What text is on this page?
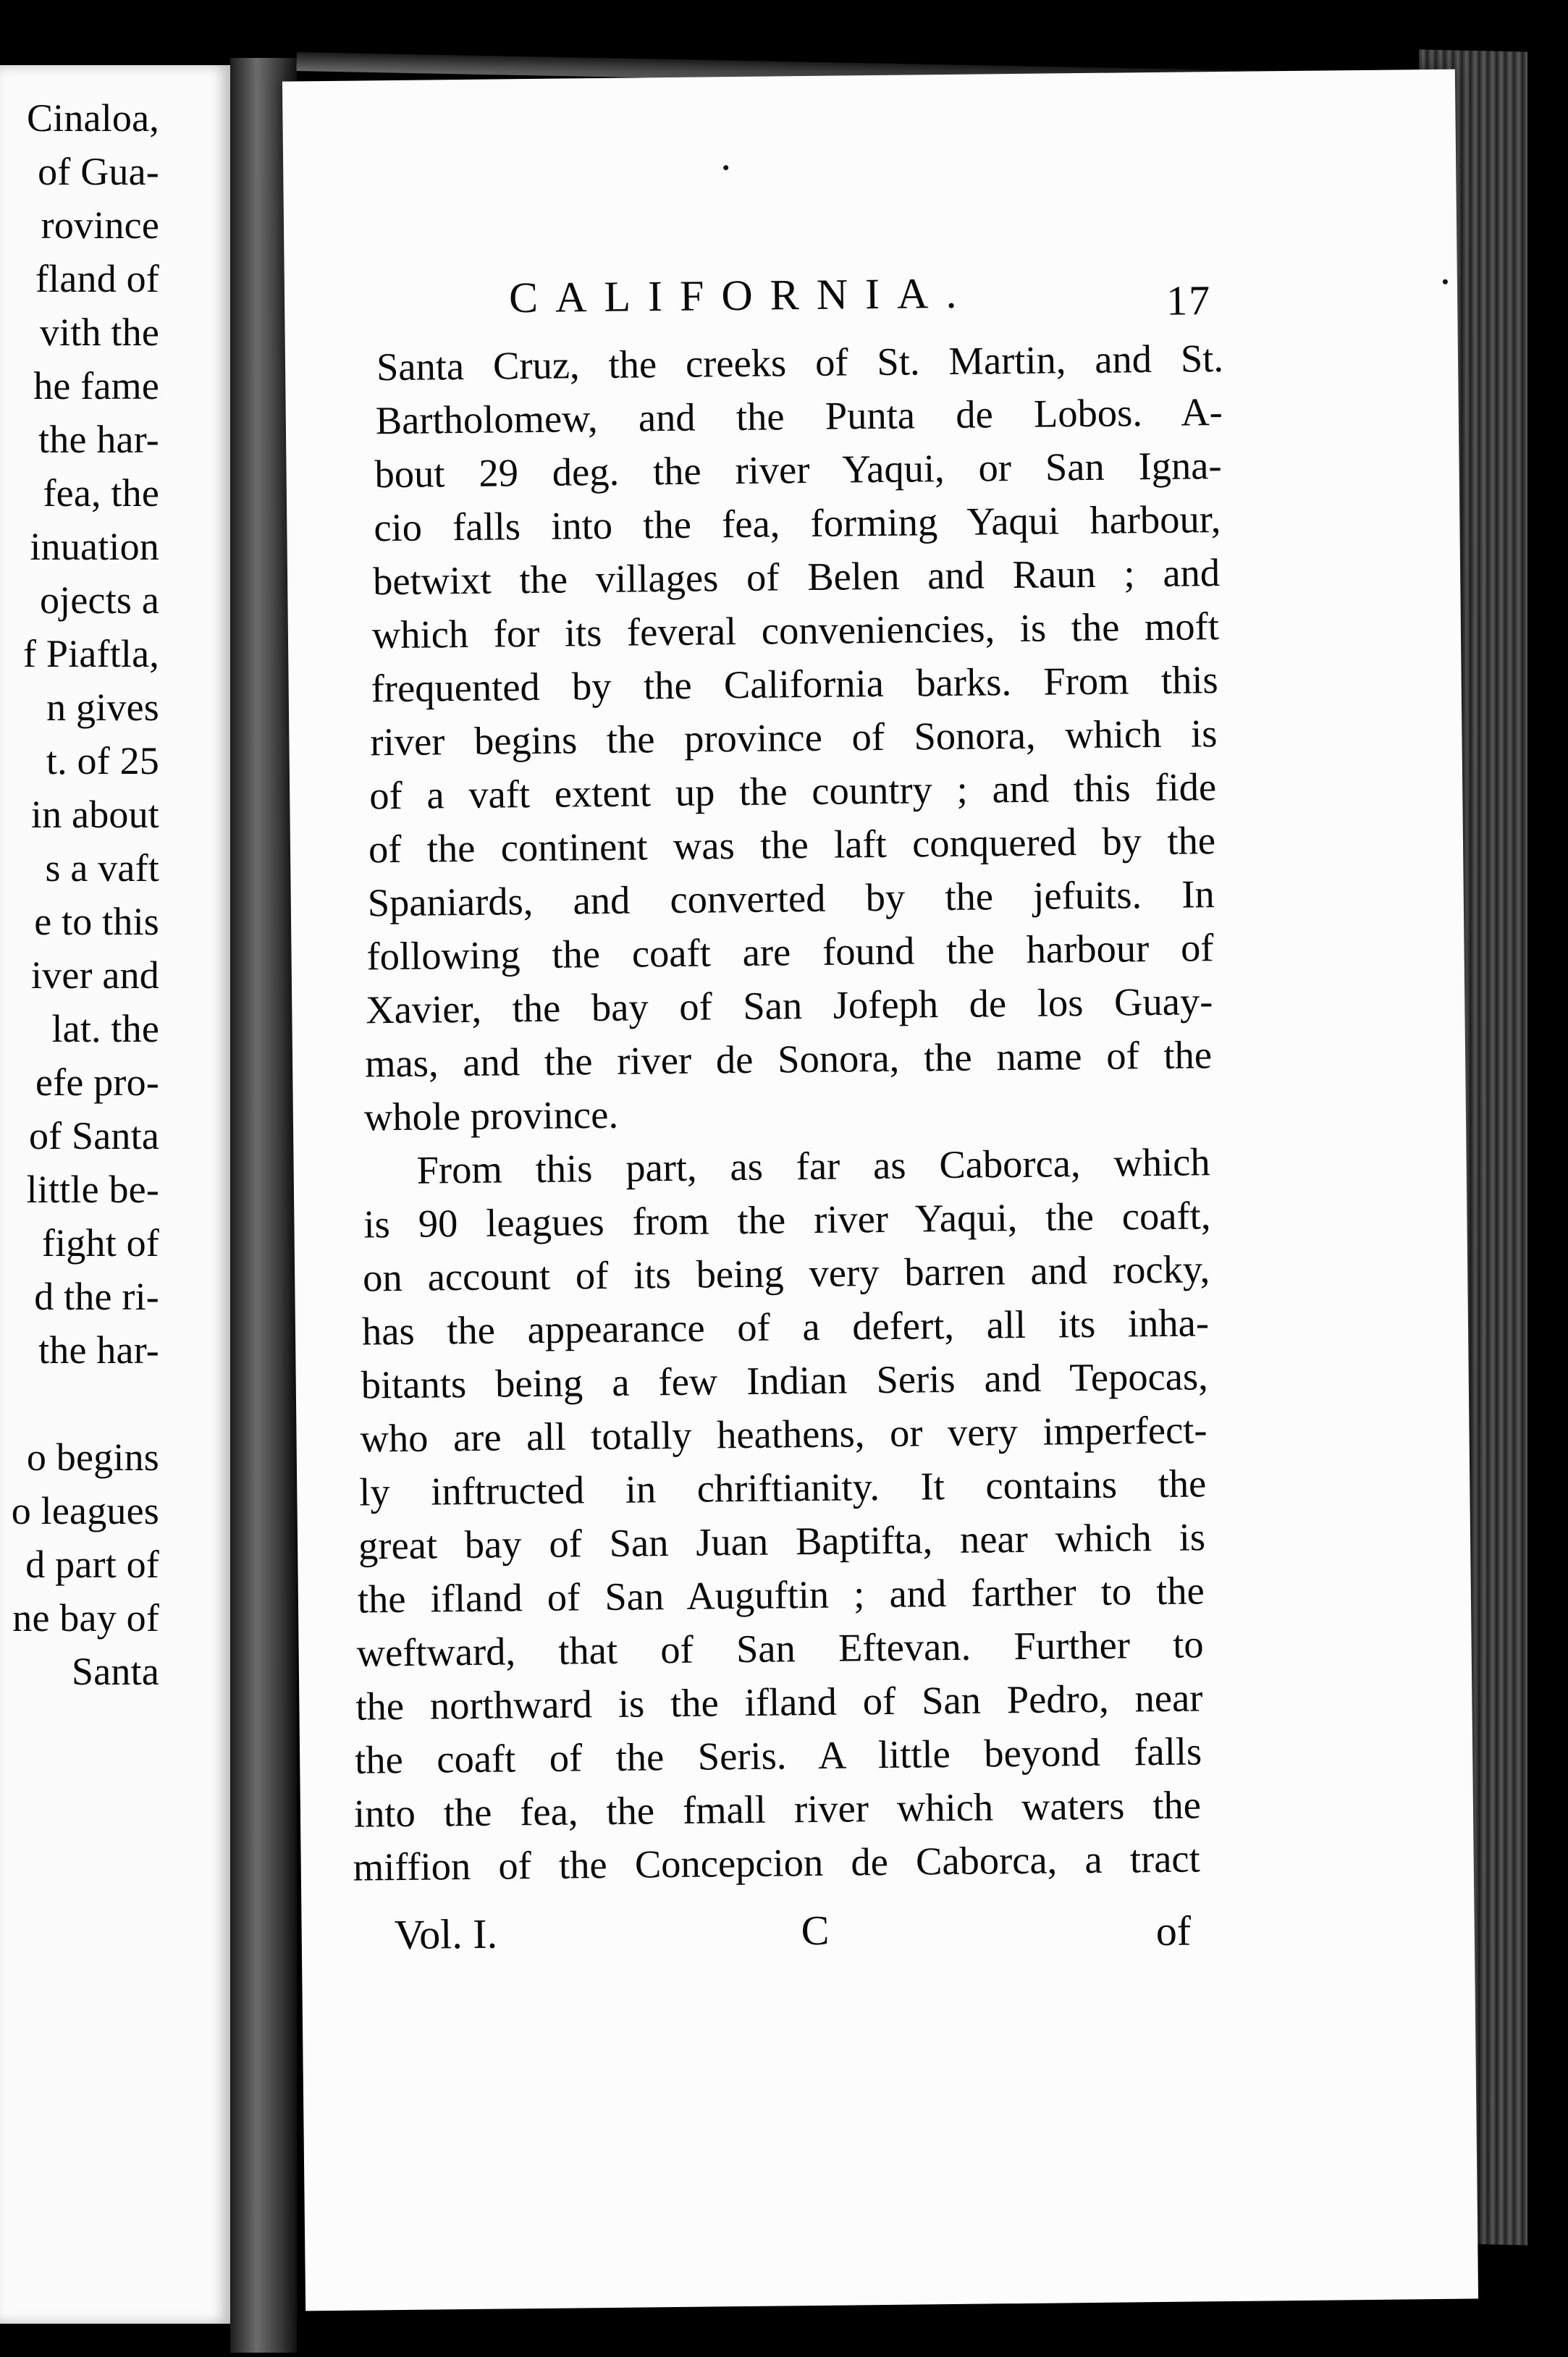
Cinaloa,
of Gua-
rovince
fland of
vith the
he fame
the har-
fea, the
inuation
ojects a
f Piaftla,
n gives
t. of 25
in about
s a vaft
e to this
iver and
lat. the
efe pro-
of Santa
little be-
fight of
d the ri-
the har-
o begins
o leagues
d part of
ne bay of
Santa
CALIFORNIA.	17
Santa Cruz, the creeks of St. Martin, and St.
Bartholomew, and the Punta de Lobos. A-
bout 29 deg. the river Yaqui, or San Igna-
cio falls into the fea, forming Yaqui harbour,
betwixt the villages of Belen and Raun ; and
which for its feveral conveniencies, is the moft
frequented by the California barks. From this
river begins the province of Sonora, which is
of a vaft extent up the country ; and this fide
of the continent was the laft conquered by the
Spaniards, and converted by the jefuits. In
following the coaft are found the harbour of
Xavier, the bay of San Jofeph de los Guay-
mas, and the river de Sonora, the name of the
whole province.
From this part, as far as Caborca, which
is 90 leagues from the river Yaqui, the coaft,
on account of its being very barren and rocky,
has the appearance of a defert, all its inha-
bitants being a few Indian Seris and Tepocas,
who are all totally heathens, or very imperfect-
ly inftructed in chriftianity. It contains the
great bay of San Juan Baptifta, near which is
the ifland of San Auguftin ; and farther to the
weftward, that of San Eftevan. Further to
the northward is the ifland of San Pedro, near
the coaft of the Seris. A little beyond falls
into the fea, the fmall river which waters the
miffion of the Concepcion de Caborca, a tract
Vol. I.	C	of
